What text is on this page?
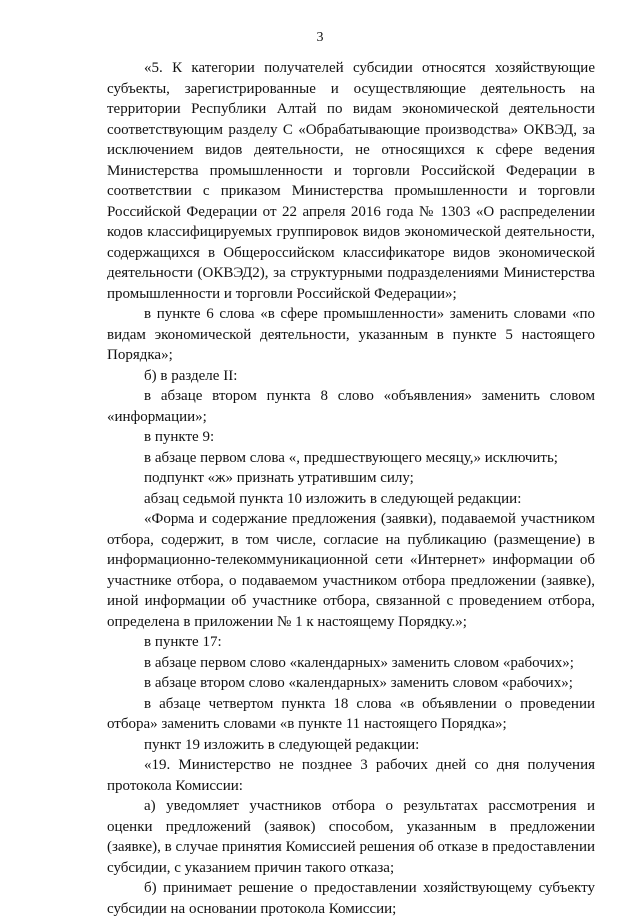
3

«5. К категории получателей субсидии относятся хозяйствующие субъекты, зарегистрированные и осуществляющие деятельность на территории Республики Алтай по видам экономической деятельности соответствующим разделу С «Обрабатывающие производства» ОКВЭД, за исключением видов деятельности, не относящихся к сфере ведения Министерства промышленности и торговли Российской Федерации в соответствии с приказом Министерства промышленности и торговли Российской Федерации от 22 апреля 2016 года № 1303 «О распределении кодов классифицируемых группировок видов экономической деятельности, содержащихся в Общероссийском классификаторе видов экономической деятельности (ОКВЭД2), за структурными подразделениями Министерства промышленности и торговли Российской Федерации»;

в пункте 6 слова «в сфере промышленности» заменить словами «по видам экономической деятельности, указанным в пункте 5 настоящего Порядка»;

б) в разделе II:

в абзаце втором пункта 8 слово «объявления» заменить словом «информации»;

в пункте 9:

в абзаце первом слова «, предшествующего месяцу,» исключить;

подпункт «ж» признать утратившим силу;

абзац седьмой пункта 10 изложить в следующей редакции:

«Форма и содержание предложения (заявки), подаваемой участником отбора, содержит, в том числе, согласие на публикацию (размещение) в информационно-телекоммуникационной сети «Интернет» информации об участнике отбора, о подаваемом участником отбора предложении (заявке), иной информации об участнике отбора, связанной с проведением отбора, определена в приложении № 1 к настоящему Порядку.»;

в пункте 17:

в абзаце первом слово «календарных» заменить словом «рабочих»;

в абзаце втором слово «календарных» заменить словом «рабочих»;

в абзаце четвертом пункта 18 слова «в объявлении о проведении отбора» заменить словами «в пункте 11 настоящего Порядка»;

пункт 19 изложить в следующей редакции:

«19. Министерство не позднее 3 рабочих дней со дня получения протокола Комиссии:

а) уведомляет участников отбора о результатах рассмотрения и оценки предложений (заявок) способом, указанным в предложении (заявке), в случае принятия Комиссией решения об отказе в предоставлении субсидии, с указанием причин такого отказа;

б) принимает решение о предоставлении хозяйствующему субъекту субсидии на основании протокола Комиссии;
